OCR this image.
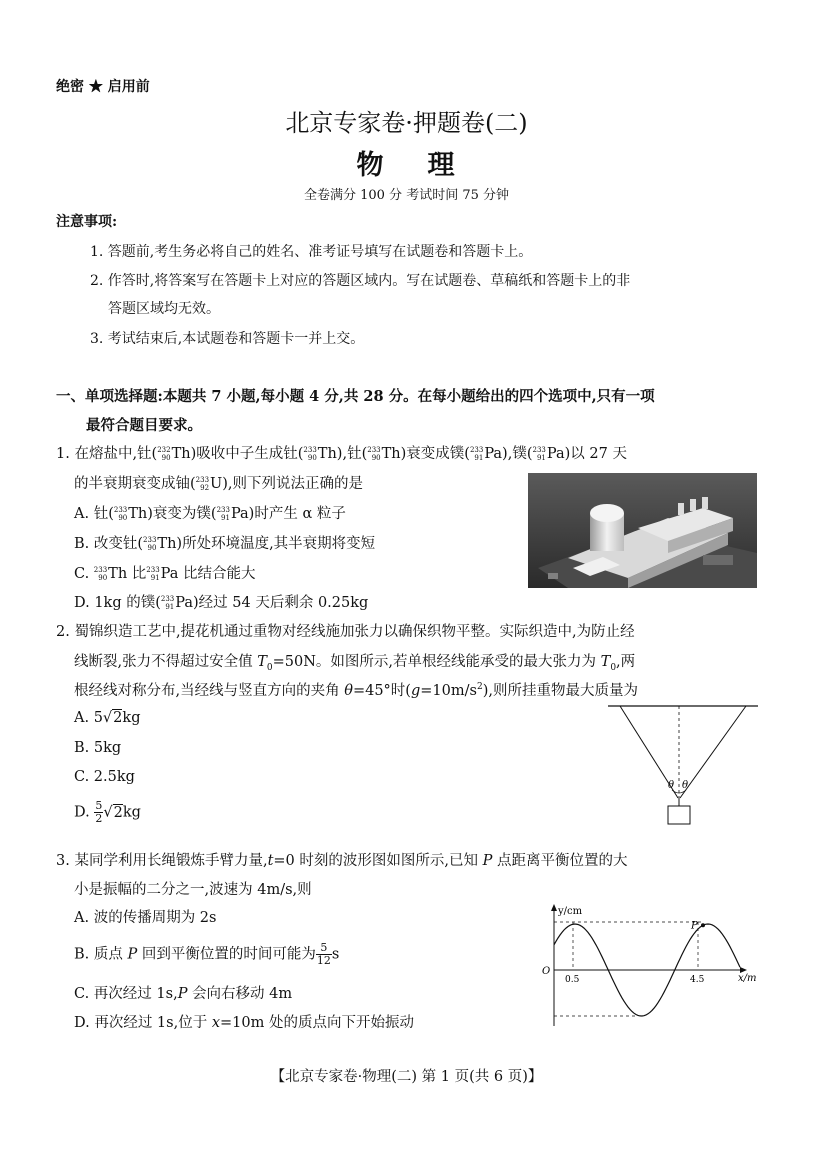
绝密 ★ 启用前
北京专家卷·押题卷(二)
物 理
全卷满分 100 分 考试时间 75 分钟
注意事项:
1. 答题前,考生务必将自己的姓名、准考证号填写在试题卷和答题卡上。
2. 作答时,将答案写在答题卡上对应的答题区域内。写在试题卷、草稿纸和答题卡上的非
答题区域均无效。
3. 考试结束后,本试题卷和答题卡一并上交。
一、单项选择题:本题共 7 小题,每小题 4 分,共 28 分。在每小题给出的四个选项中,只有一项
最符合题目要求。
1. 在熔盐中,钍(232
90Th)吸收中子生成钍(233
90Th),钍(233
90Th)衰变成镤(233
91Pa),镤(233
91Pa)以 27 天
的半衰期衰变成铀(233
92U),则下列说法正确的是
A. 钍(233
90Th)衰变为镤(233
91Pa)时产生 α 粒子
B. 改变钍(233
90Th)所处环境温度,其半衰期将变短
C. 233
90Th 比233
91Pa 比结合能大
D. 1kg 的镤(233
91Pa)经过 54 天后剩余 0.25kg
2. 蜀锦织造工艺中,提花机通过重物对经线施加张力以确保织物平整。实际织造中,为防止经
线断裂,张力不得超过安全值 $T_0=50N$。如图所示,若单根经线能承受的最大张力为 $T_0$,两
根经线对称分布,当经线与竖直方向的夹角 θ=45°时$(g=10m/s^2)$,则所挂重物最大质量为
A. 5√2kg
B. 5kg
C. 2.5kg
D. $\frac{5}{2} √2kg$
θ θ
3. 某同学利用长绳锻炼手臂力量,t=0 时刻的波形图如图所示,已知 P 点距离平衡位置的大
小是振幅的二分之一,波速为 4m/s,则
A. 波的传播周期为 2s
B. 质点 P 回到平衡位置的时间可能为 $\frac{5}{12}$ s
C. 再次经过 1s,P 会向右移动 4m
D. 再次经过 1s,位于 x=10m 处的质点向下开始振动
y/cm
x/m
O
0.5	4.5
P
【北京专家卷·物理(二) 第 1 页(共 6 页)】
